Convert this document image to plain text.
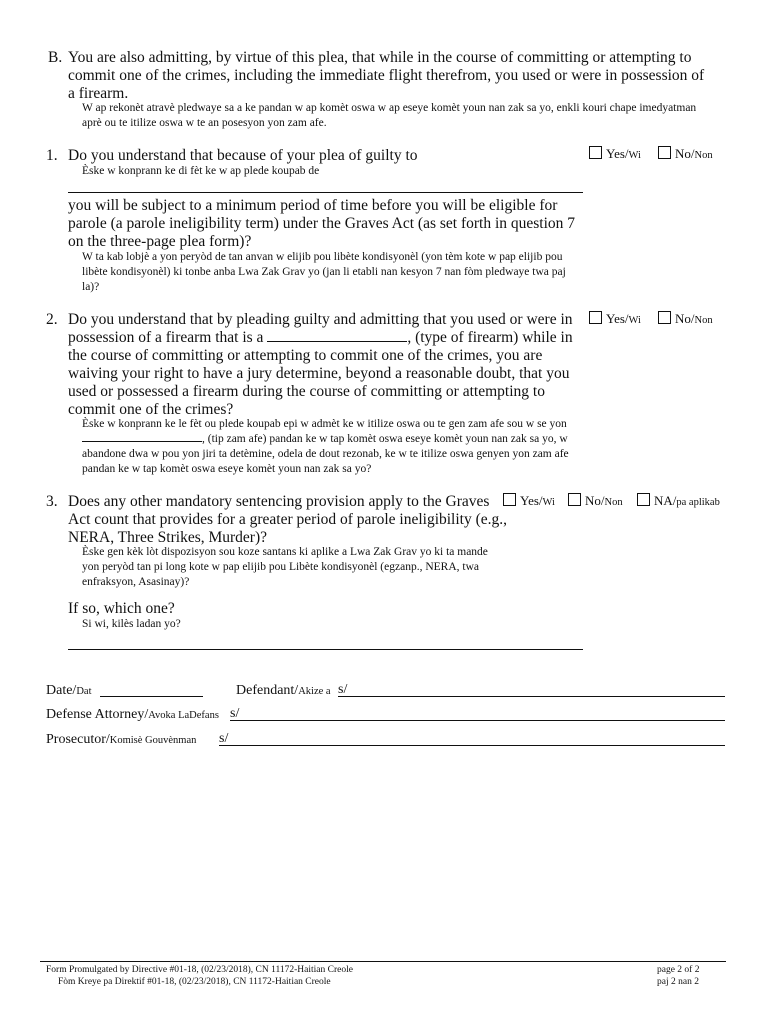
B. You are also admitting, by virtue of this plea, that while in the course of committing or attempting to commit one of the crimes, including the immediate flight therefrom, you used or were in possession of a firearm.
W ap rekonèt atravè pledwaye sa a ke pandan w ap komèt oswa w ap eseye komèt youn nan zak sa yo, enkli kouri chape imedyatman aprè ou te itilize oswa w te an posesyon yon zam afe.
1. Do you understand that because of your plea of guilty to
Èske w konprann ke di fèt ke w ap plede koupab de
Yes/Wi	No/Non
you will be subject to a minimum period of time before you will be eligible for parole (a parole ineligibility term) under the Graves Act (as set forth in question 7 on the three-page plea form)?
W ta kab lobjè a yon peryòd de tan anvan w elijib pou libète kondisyonèl (yon tèm kote w pap elijib pou libète kondisyonèl) ki tonbe anba Lwa Zak Grav yo (jan li etabli nan kesyon 7 nan fòm pledwaye twa paj la)?
2. Do you understand that by pleading guilty and admitting that you used or were in possession of a firearm that is a	, (type of firearm) while in the course of committing or attempting to commit one of the crimes, you are waiving your right to have a jury determine, beyond a reasonable doubt, that you used or possessed a firearm during the course of committing or attempting to commit one of the crimes?
Èske w konprann ke le fèt ou plede koupab epi w admèt ke w itilize oswa ou te gen zam afe sou w se yon , (tip zam afe) pandan ke w tap komèt oswa eseye komèt youn nan zak sa yo, w abandone dwa w pou yon jiri ta detèmine, odela de dout rezonab, ke w te itilize oswa genyen yon zam afe pandan ke w tap komèt oswa eseye komèt youn nan zak sa yo?
Yes/Wi	No/Non
3. Does any other mandatory sentencing provision apply to the Graves Act count that provides for a greater period of parole ineligibility (e.g., NERA, Three Strikes, Murder)?
Èske gen kèk lòt dispozisyon sou koze santans ki aplike a Lwa Zak Grav yo ki ta mande yon peryòd tan pi long kote w pap elijib pou Libète kondisyonèl (egzanp., NERA, twa enfraksyon, Asasinay)?
Yes/Wi	No/Non	NA/pa aplikab
If so, which one?
Si wi, kilès ladan yo?
Date/Dat	Defendant/Akize a s/
Defense Attorney/Avoka LaDefans s/
Prosecutor/Komisè Gouvènman s/
Form Promulgated by Directive #01-18, (02/23/2018), CN 11172-Haitian Creole
Fòm Kreye pa Direktif #01-18, (02/23/2018), CN 11172-Haitian Creole
page 2 of 2
paj 2 nan 2
